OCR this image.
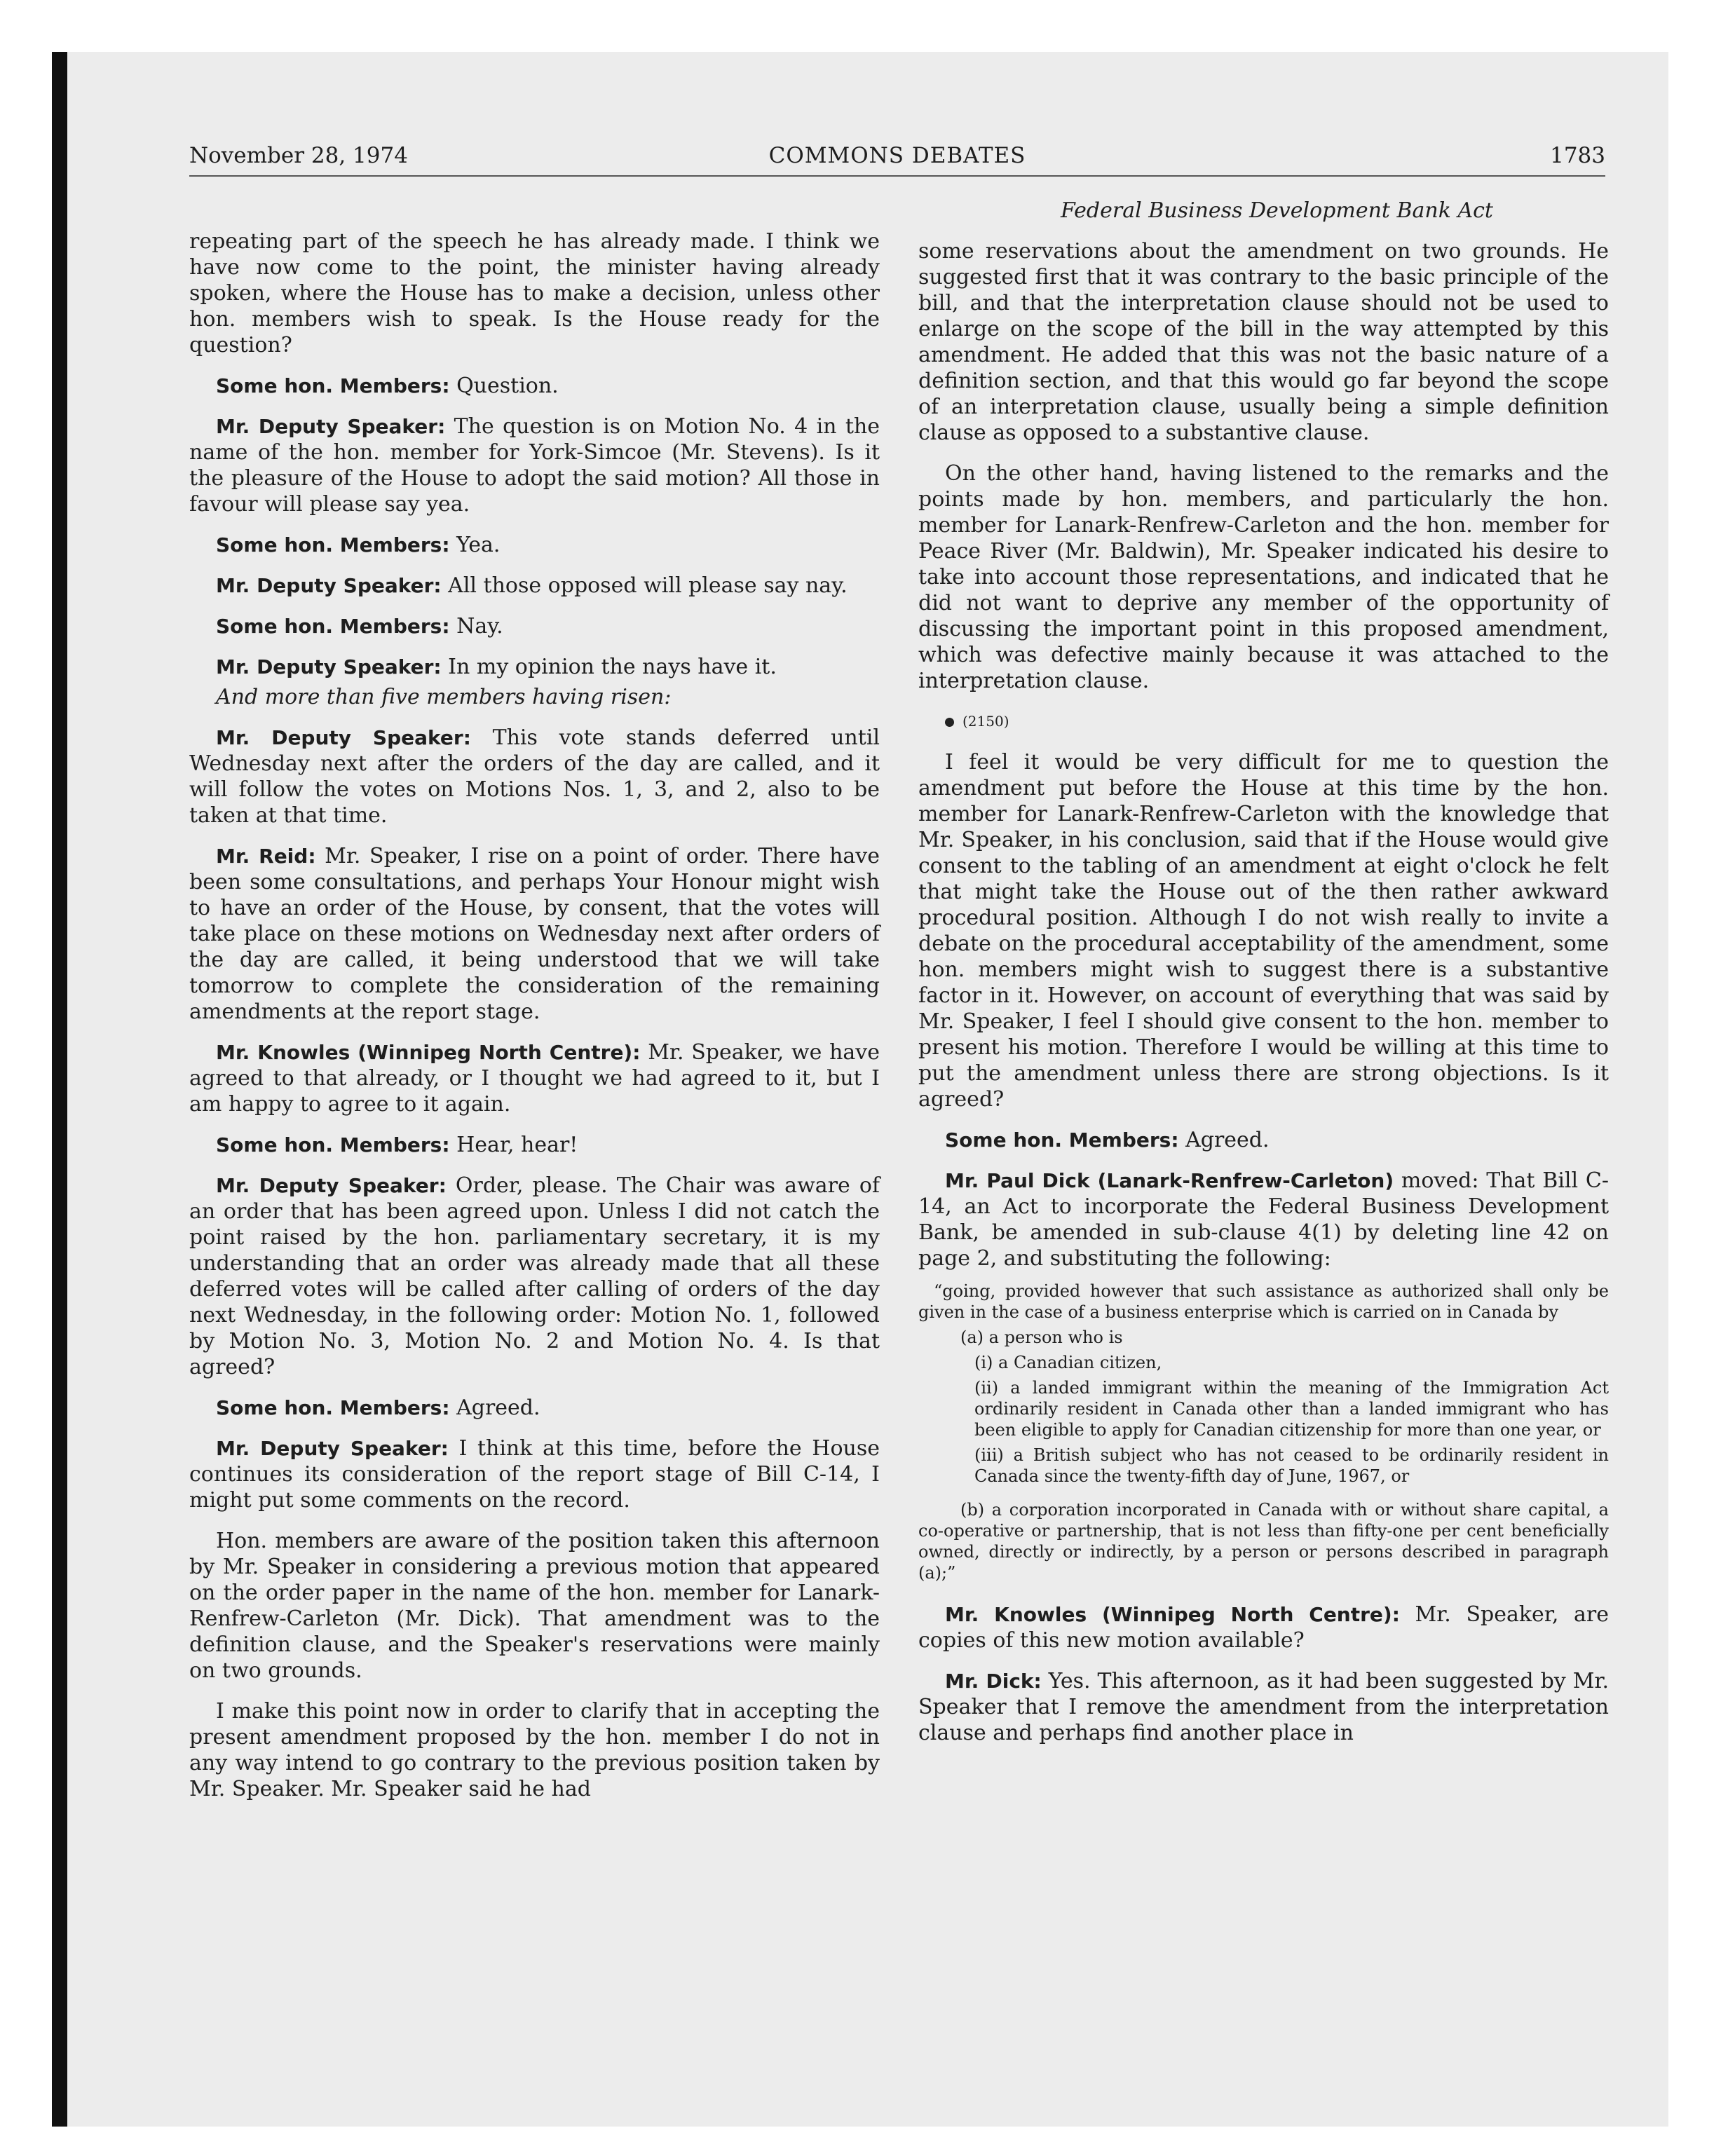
November 28, 1974	COMMONS DEBATES	1783

repeating part of the speech he has already made. I think we have now come to the point, the minister having already spoken, where the House has to make a decision, unless other hon. members wish to speak. Is the House ready for the question?

Some hon. Members: Question.

Mr. Deputy Speaker: The question is on Motion No. 4 in the name of the hon. member for York-Simcoe (Mr. Stevens). Is it the pleasure of the House to adopt the said motion? All those in favour will please say yea.

Some hon. Members: Yea.

Mr. Deputy Speaker: All those opposed will please say nay.

Some hon. Members: Nay.

Mr. Deputy Speaker: In my opinion the nays have it.

And more than five members having risen:

Mr. Deputy Speaker: This vote stands deferred until Wednesday next after the orders of the day are called, and it will follow the votes on Motions Nos. 1, 3, and 2, also to be taken at that time.

Mr. Reid: Mr. Speaker, I rise on a point of order. There have been some consultations, and perhaps Your Honour might wish to have an order of the House, by consent, that the votes will take place on these motions on Wednesday next after orders of the day are called, it being understood that we will take tomorrow to complete the consideration of the remaining amendments at the report stage.

Mr. Knowles (Winnipeg North Centre): Mr. Speaker, we have agreed to that already, or I thought we had agreed to it, but I am happy to agree to it again.

Some hon. Members: Hear, hear!

Mr. Deputy Speaker: Order, please. The Chair was aware of an order that has been agreed upon. Unless I did not catch the point raised by the hon. parliamentary secretary, it is my understanding that an order was already made that all these deferred votes will be called after calling of orders of the day next Wednesday, in the following order: Motion No. 1, followed by Motion No. 3, Motion No. 2 and Motion No. 4. Is that agreed?

Some hon. Members: Agreed.

Mr. Deputy Speaker: I think at this time, before the House continues its consideration of the report stage of Bill C-14, I might put some comments on the record.

Hon. members are aware of the position taken this afternoon by Mr. Speaker in considering a previous motion that appeared on the order paper in the name of the hon. member for Lanark-Renfrew-Carleton (Mr. Dick). That amendment was to the definition clause, and the Speaker's reservations were mainly on two grounds.

I make this point now in order to clarify that in accepting the present amendment proposed by the hon. member I do not in any way intend to go contrary to the previous position taken by Mr. Speaker. Mr. Speaker said he had

Federal Business Development Bank Act

some reservations about the amendment on two grounds. He suggested first that it was contrary to the basic principle of the bill, and that the interpretation clause should not be used to enlarge on the scope of the bill in the way attempted by this amendment. He added that this was not the basic nature of a definition section, and that this would go far beyond the scope of an interpretation clause, usually being a simple definition clause as opposed to a substantive clause.

On the other hand, having listened to the remarks and the points made by hon. members, and particularly the hon. member for Lanark-Renfrew-Carleton and the hon. member for Peace River (Mr. Baldwin), Mr. Speaker indicated his desire to take into account those representations, and indicated that he did not want to deprive any member of the opportunity of discussing the important point in this proposed amendment, which was defective mainly because it was attached to the interpretation clause.

(2150)

I feel it would be very difficult for me to question the amendment put before the House at this time by the hon. member for Lanark-Renfrew-Carleton with the knowledge that Mr. Speaker, in his conclusion, said that if the House would give consent to the tabling of an amendment at eight o'clock he felt that might take the House out of the then rather awkward procedural position. Although I do not wish really to invite a debate on the procedural acceptability of the amendment, some hon. members might wish to suggest there is a substantive factor in it. However, on account of everything that was said by Mr. Speaker, I feel I should give consent to the hon. member to present his motion. Therefore I would be willing at this time to put the amendment unless there are strong objections. Is it agreed?

Some hon. Members: Agreed.

Mr. Paul Dick (Lanark-Renfrew-Carleton) moved: That Bill C-14, an Act to incorporate the Federal Business Development Bank, be amended in sub-clause 4(1) by deleting line 42 on page 2, and substituting the following:

“going, provided however that such assistance as authorized shall only be given in the case of a business enterprise which is carried on in Canada by
(a) a person who is
(i) a Canadian citizen,
(ii) a landed immigrant within the meaning of the Immigration Act ordinarily resident in Canada other than a landed immigrant who has been eligible to apply for Canadian citizenship for more than one year, or
(iii) a British subject who has not ceased to be ordinarily resident in Canada since the twenty-fifth day of June, 1967, or
(b) a corporation incorporated in Canada with or without share capital, a co-operative or partnership, that is not less than fifty-one per cent beneficially owned, directly or indirectly, by a person or persons described in paragraph (a);”

Mr. Knowles (Winnipeg North Centre): Mr. Speaker, are copies of this new motion available?

Mr. Dick: Yes. This afternoon, as it had been suggested by Mr. Speaker that I remove the amendment from the interpretation clause and perhaps find another place in
